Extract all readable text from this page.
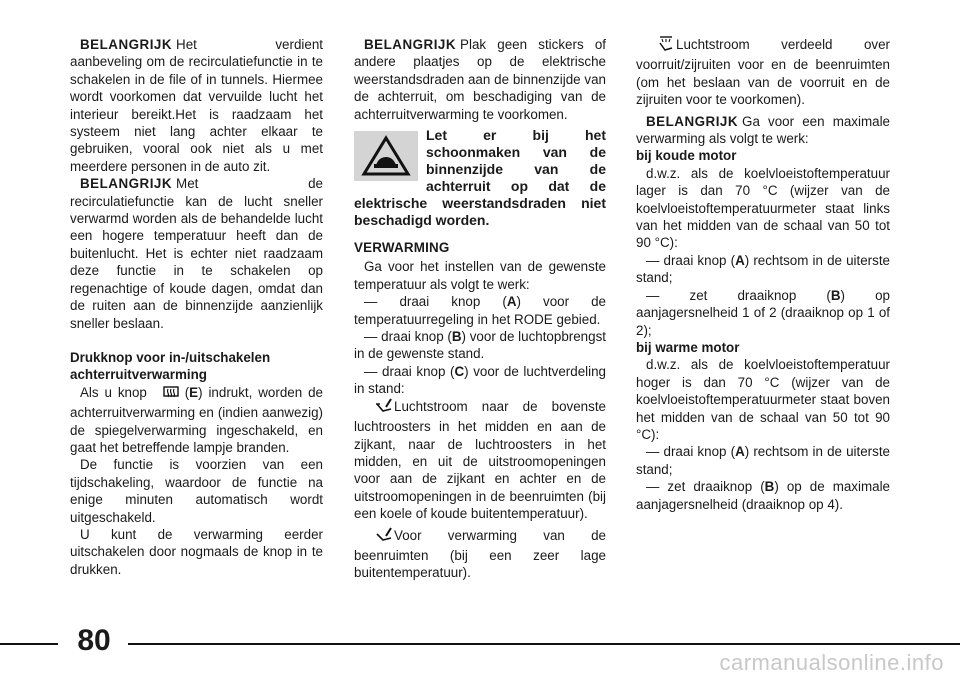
BELANGRIJK Het verdient aanbeveling om de recirculatiefunctie in te schakelen in de file of in tunnels. Hiermee wordt voorkomen dat vervuilde lucht het interieur bereikt.Het is raadzaam het systeem niet lang achter elkaar te gebruiken, vooral ook niet als u met meerdere personen in de auto zit.

BELANGRIJK Met de recirculatiefunctie kan de lucht sneller verwarmd worden als de behandelde lucht een hogere temperatuur heeft dan de buitenlucht. Het is echter niet raadzaam deze functie in te schakelen op regenachtige of koude dagen, omdat dan de ruiten aan de binnenzijde aanzienlijk sneller beslaan.

Drukknop voor in-/uitschakelen achterruitverwarming

Als u knop  (E) indrukt, worden de achterruitverwarming en (indien aanwezig) de spiegelverwarming ingeschakeld, en gaat het betreffende lampje branden.

De functie is voorzien van een tijdschakeling, waardoor de functie na enige minuten automatisch wordt uitgeschakeld.

U kunt de verwarming eerder uitschakelen door nogmaals de knop in te drukken.

BELANGRIJK Plak geen stickers of andere plaatjes op de elektrische weerstandsdraden aan de binnenzijde van de achterruit, om beschadiging van de achterruitverwarming te voorkomen.

Let er bij het schoonmaken van de binnenzijde van de achterruit op dat de elektrische weerstandsdraden niet beschadigd worden.

VERWARMING

Ga voor het instellen van de gewenste temperatuur als volgt te werk:

— draai knop (A) voor de temperatuurregeling in het RODE gebied.

— draai knop (B) voor de luchtopbrengst in de gewenste stand.

— draai knop (C) voor de luchtverdeling in stand:

Luchtstroom naar de bovenste luchtroosters in het midden en aan de zijkant, naar de luchtroosters in het midden, en uit de uitstroomopeningen voor aan de zijkant en achter en de uitstroomopeningen in de beenruimten (bij een koele of koude buitentemperatuur).

Voor verwarming van de beenruimten (bij een zeer lage buitentemperatuur).

Luchtstroom verdeeld over voorruit/zijruiten voor en de beenruimten (om het beslaan van de voorruit en de zijruiten voor te voorkomen).

BELANGRIJK Ga voor een maximale verwarming als volgt te werk:

bij koude motor

d.w.z. als de koelvloeistoftemperatuur lager is dan 70 °C (wijzer van de koelvloeistoftemperatuurmeter staat links van het midden van de schaal van 50 tot 90 °C):

— draai knop (A) rechtsom in de uiterste stand;

— zet draaiknop (B) op aanjagersnelheid 1 of 2 (draaiknop op 1 of 2);

bij warme motor

d.w.z. als de koelvloeistoftemperatuur hoger is dan 70 °C (wijzer van de koelvloeistoftemperatuurmeter staat boven het midden van de schaal van 50 tot 90 °C):

— draai knop (A) rechtsom in de uiterste stand;

— zet draaiknop (B) op de maximale aanjagersnelheid (draaiknop op 4).

80
carmanualsonline.info
